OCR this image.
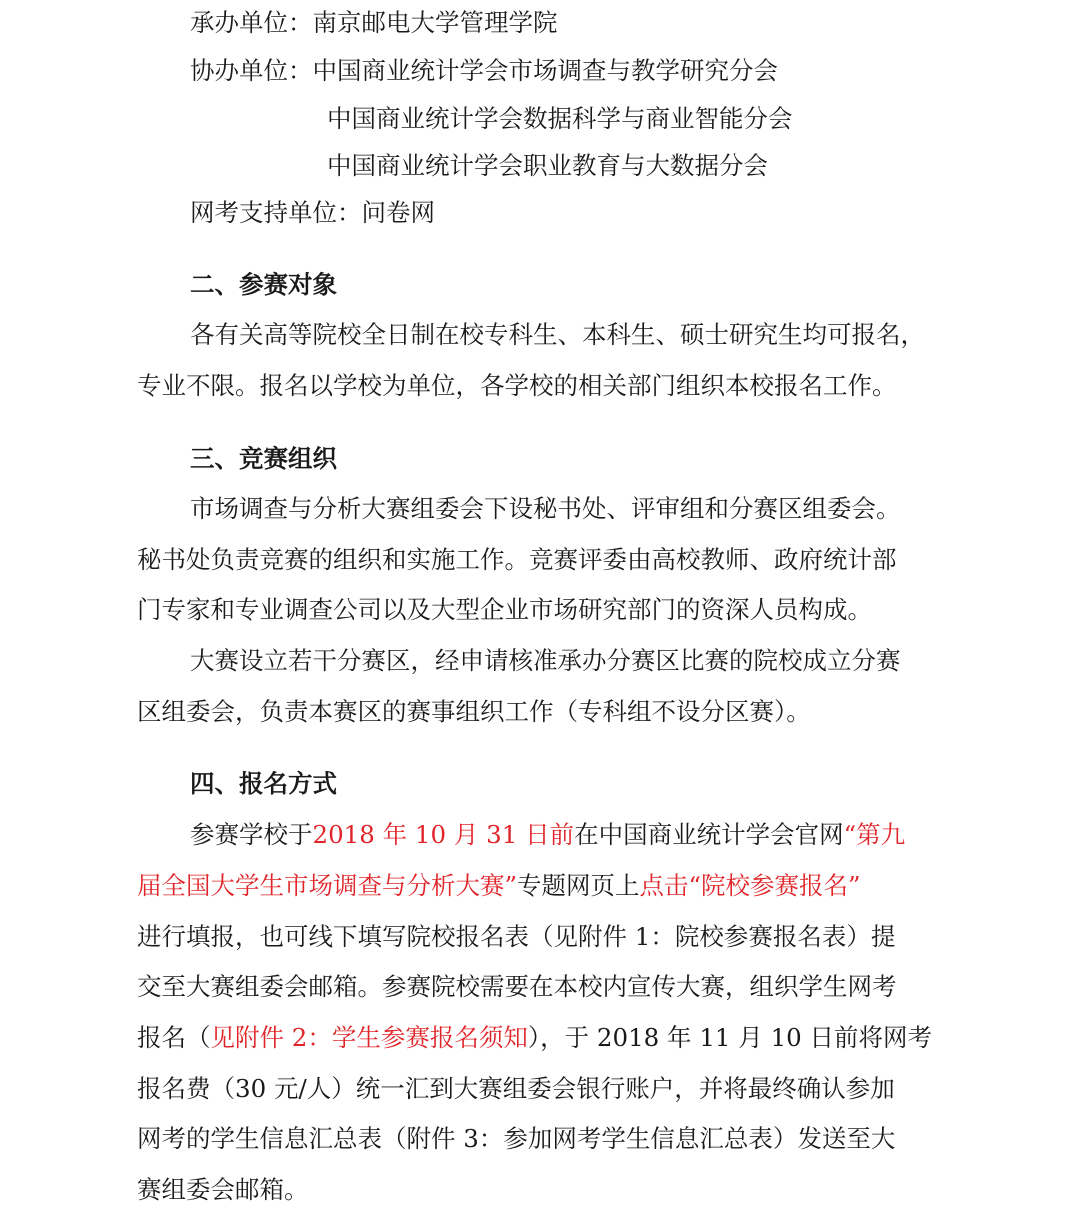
承办单位：南京邮电大学管理学院

协办单位：中国商业统计学会市场调查与教学研究分会

中国商业统计学会数据科学与商业智能分会

中国商业统计学会职业教育与大数据分会

网考支持单位：问卷网

二、参赛对象

各有关高等院校全日制在校专科生、本科生、硕士研究生均可报名，

专业不限。报名以学校为单位，各学校的相关部门组织本校报名工作。

三、竞赛组织

市场调查与分析大赛组委会下设秘书处、评审组和分赛区组委会。

秘书处负责竞赛的组织和实施工作。竞赛评委由高校教师、政府统计部

门专家和专业调查公司以及大型企业市场研究部门的资深人员构成。

大赛设立若干分赛区，经申请核准承办分赛区比赛的院校成立分赛

区组委会，负责本赛区的赛事组织工作（专科组不设分区赛）。

四、报名方式

参赛学校于2018 年 10 月 31 日前在中国商业统计学会官网“第九

届全国大学生市场调查与分析大赛”专题网页上点击“院校参赛报名”

进行填报，也可线下填写院校报名表（见附件 1：院校参赛报名表）提

交至大赛组委会邮箱。参赛院校需要在本校内宣传大赛，组织学生网考

报名（见附件 2：学生参赛报名须知），于 2018 年 11 月 10 日前将网考

报名费（30 元/人）统一汇到大赛组委会银行账户，并将最终确认参加

网考的学生信息汇总表（附件 3：参加网考学生信息汇总表）发送至大

赛组委会邮箱。
